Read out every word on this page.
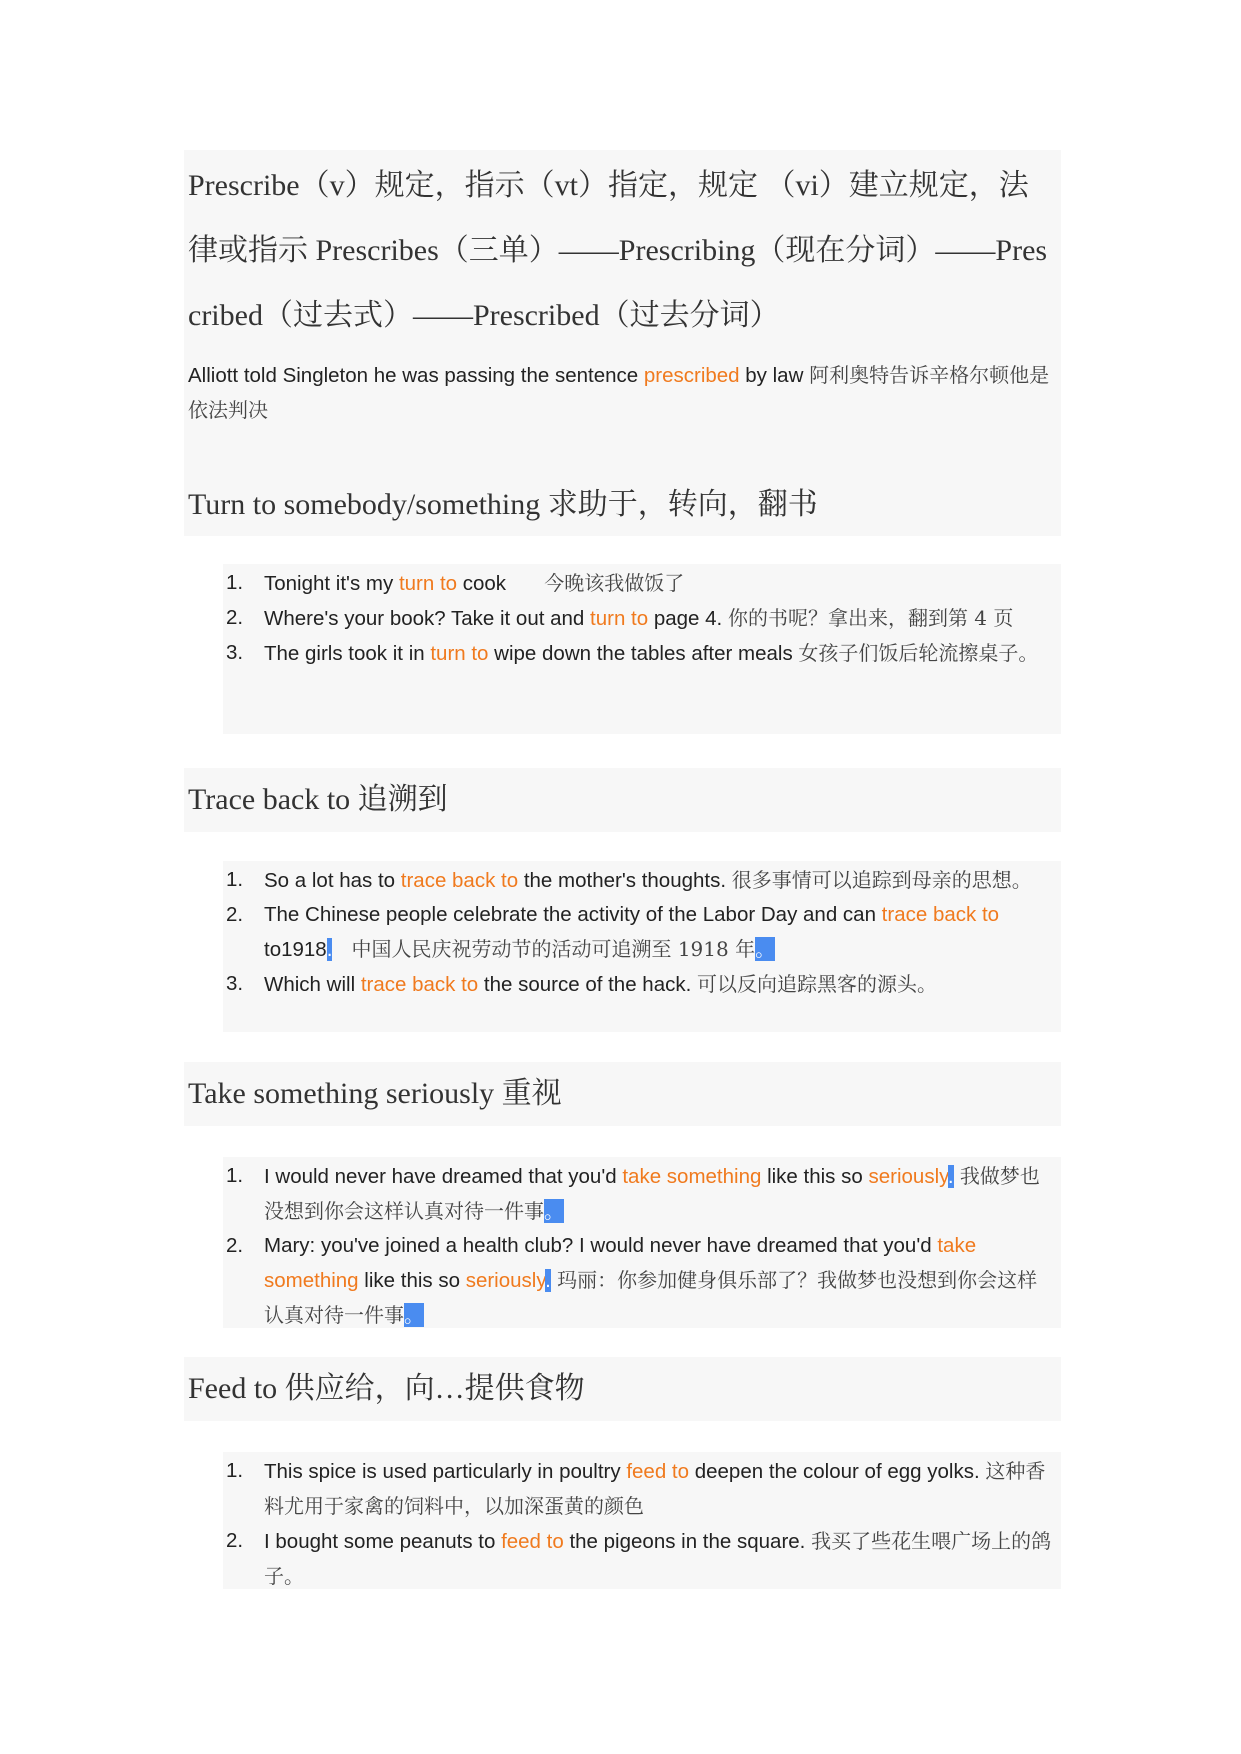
Prescribe（v）规定，指示（vt）指定，规定 （vi）建立规定，法律或指示 Prescribes（三单）——Prescribing（现在分词）——Prescribed（过去式）——Prescribed（过去分词）
Alliott told Singleton he was passing the sentence prescribed by law 阿利奥特告诉辛格尔顿他是依法判决
1. Tonight it's my turn to cook      今晚该我做饭了
2. Where's your book? Take it out and turn to page 4. 你的书呢？拿出来，翻到第 4 页
3. The girls took it in turn to wipe down the tables after meals 女孩子们饭后轮流擦桌子。
Trace back to 追溯到
1. So a lot has to trace back to the mother's thoughts. 很多事情可以追踪到母亲的思想。
2. The Chinese people celebrate the activity of the Labor Day and can trace back to to1918.   中国人民庆祝劳动节的活动可追溯至 1918 年。
3. Which will trace back to the source of the hack. 可以反向追踪黑客的源头。
Take something seriously 重视
1. I would never have dreamed that you'd take something like this so seriously. 我做梦也没想到你会这样认真对待一件事。
2. Mary: you've joined a health club? I would never have dreamed that you'd take something like this so seriously. 玛丽：你参加健身俱乐部了？我做梦也没想到你会这样认真对待一件事。
Feed to 供应给，向…提供食物
1. This spice is used particularly in poultry feed to deepen the colour of egg yolks. 这种香料尤用于家禽的饲料中，以加深蛋黄的颜色
2. I bought some peanuts to feed to the pigeons in the square. 我买了些花生喂广场上的鸽子。
Turn to somebody/something 求助于，转向，翻书
